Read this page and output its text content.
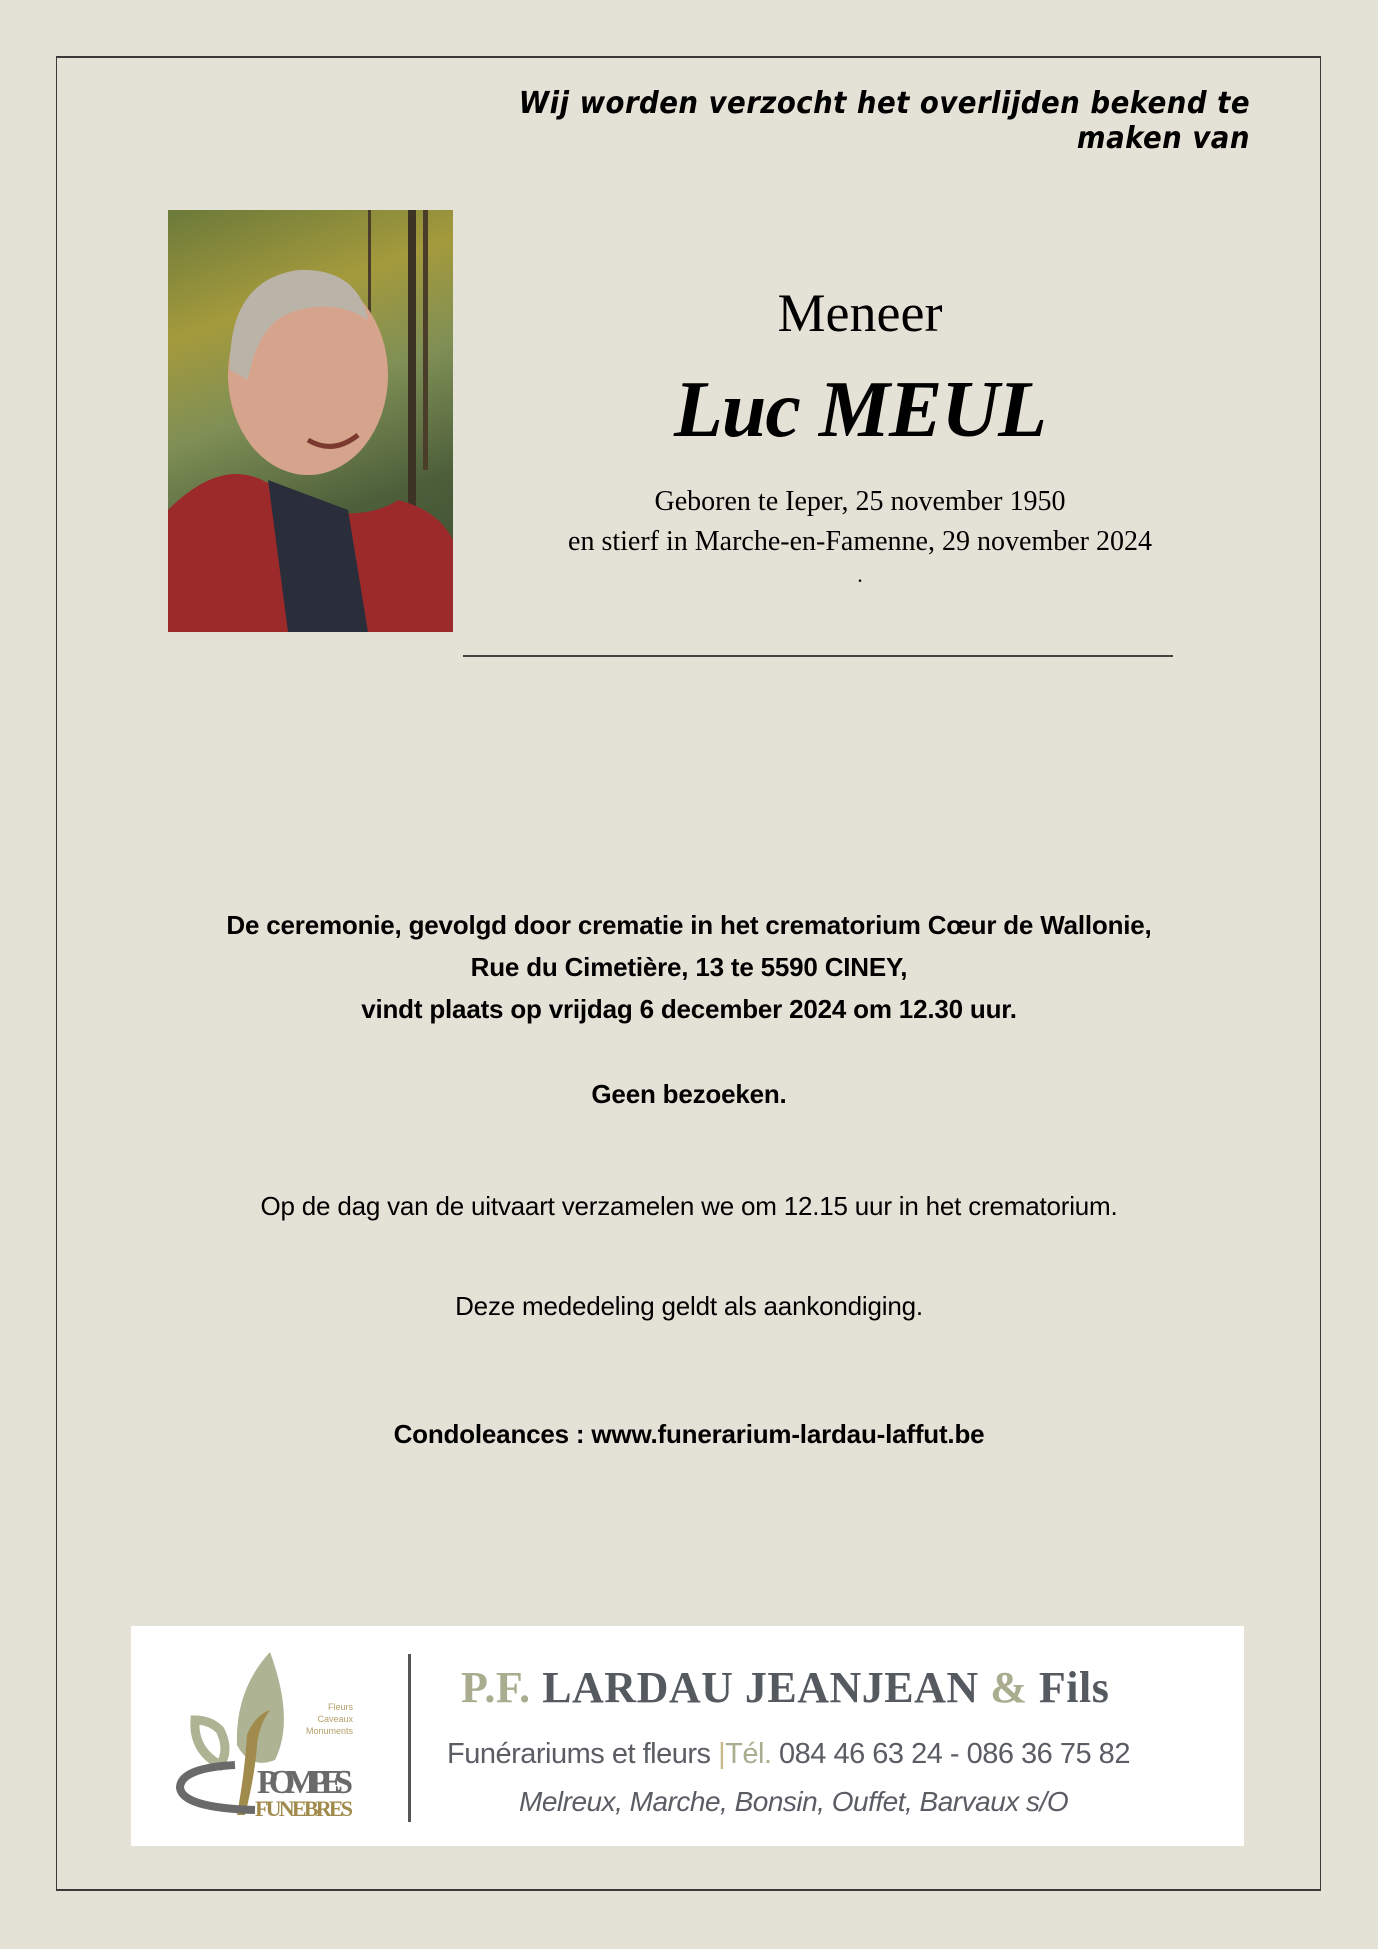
Wij worden verzocht het overlijden bekend te maken van
Meneer
Luc MEUL
Geboren te Ieper, 25 november 1950
en stierf in Marche-en-Famenne, 29 november 2024
.
De ceremonie, gevolgd door crematie in het crematorium Cœur de Wallonie,
Rue du Cimetière, 13 te 5590 CINEY,
vindt plaats op vrijdag 6 december 2024 om 12.30 uur.
Geen bezoeken.
Op de dag van de uitvaart verzamelen we om 12.15 uur in het crematorium.
Deze mededeling geldt als aankondiging.
Condoleances : www.funerarium-lardau-laffut.be
Fleurs
Caveaux
Monuments
POMPES
FUNEBRES
P.F. LARDAU JEANJEAN & Fils
Funérariums et fleurs |Tél. 084 46 63 24 - 086 36 75 82
Melreux, Marche, Bonsin, Ouffet, Barvaux s/O
